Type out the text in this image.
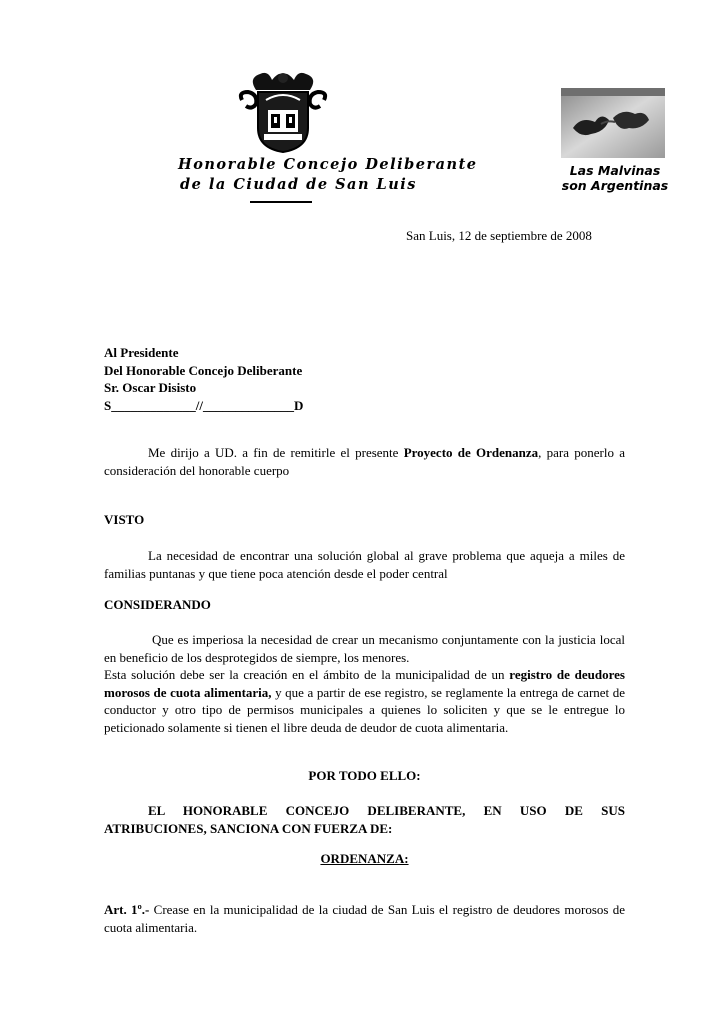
Honorable Concejo Deliberante
de la Ciudad de San Luis
Las Malvinas
son Argentinas
San Luis, 12 de septiembre de 2008
Al Presidente
Del Honorable Concejo Deliberante
Sr. Oscar Disisto
S_____________//______________D
Me dirijo a UD. a fin de remitirle el presente Proyecto de Ordenanza, para ponerlo a consideración del honorable cuerpo
VISTO
La necesidad de encontrar una solución global al grave problema que aqueja a miles de familias puntanas y que tiene poca atención desde el poder central
CONSIDERANDO
Que es imperiosa la necesidad de crear un mecanismo conjuntamente con la justicia local en beneficio de los desprotegidos de siempre, los menores.
Esta solución debe ser la creación en el ámbito de la municipalidad de un registro de deudores morosos de cuota alimentaria, y que a partir de ese registro, se reglamente la entrega de carnet de conductor y otro tipo de permisos municipales a quienes lo soliciten y que se le entregue lo peticionado solamente si tienen el libre deuda de deudor de cuota alimentaria.
POR TODO ELLO:
EL HONORABLE CONCEJO DELIBERANTE, EN USO DE SUS ATRIBUCIONES, SANCIONA CON FUERZA DE:
ORDENANZA:
Art. 1º.- Crease en la municipalidad de la ciudad de San Luis el registro de deudores morosos de cuota alimentaria.
